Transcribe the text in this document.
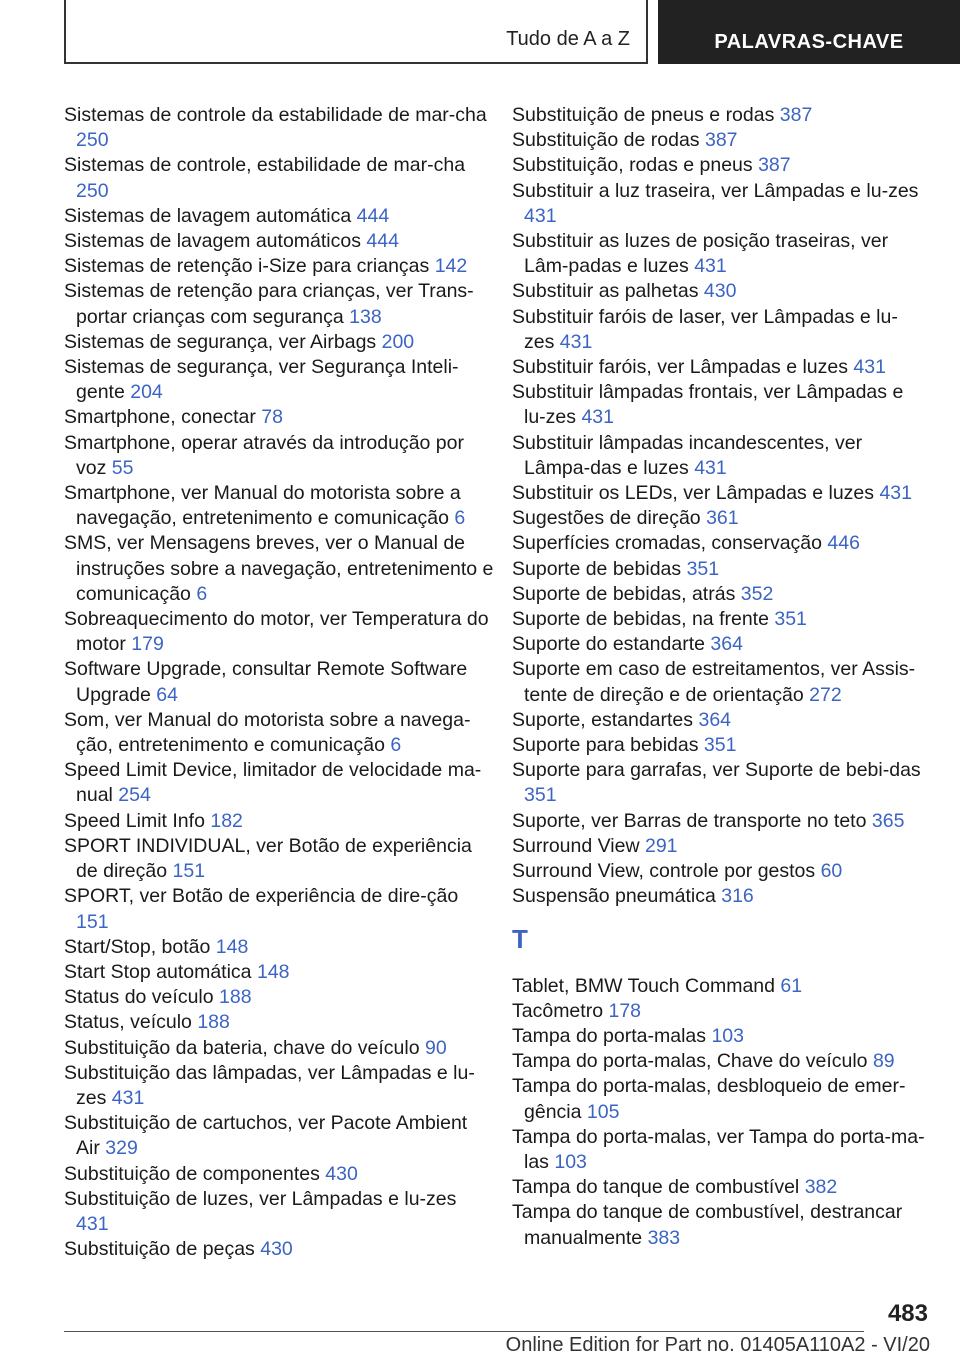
Tudo de A a Z	PALAVRAS-CHAVE
Sistemas de controle da estabilidade de mar-cha 250
Sistemas de controle, estabilidade de mar-cha 250
Sistemas de lavagem automática 444
Sistemas de lavagem automáticos 444
Sistemas de retenção i-Size para crianças 142
Sistemas de retenção para crianças, ver Trans-portar crianças com segurança 138
Sistemas de segurança, ver Airbags 200
Sistemas de segurança, ver Segurança Inteli-gente 204
Smartphone, conectar 78
Smartphone, operar através da introdução por voz 55
Smartphone, ver Manual do motorista sobre a navegação, entretenimento e comunicação 6
SMS, ver Mensagens breves, ver o Manual de instruções sobre a navegação, entretenimento e comunicação 6
Sobreaquecimento do motor, ver Temperatura do motor 179
Software Upgrade, consultar Remote Software Upgrade 64
Som, ver Manual do motorista sobre a navega-ção, entretenimento e comunicação 6
Speed Limit Device, limitador de velocidade ma-nual 254
Speed Limit Info 182
SPORT INDIVIDUAL, ver Botão de experiência de direção 151
SPORT, ver Botão de experiência de dire-ção 151
Start/Stop, botão 148
Start Stop automática 148
Status do veículo 188
Status, veículo 188
Substituição da bateria, chave do veículo 90
Substituição das lâmpadas, ver Lâmpadas e lu-zes 431
Substituição de cartuchos, ver Pacote Ambient Air 329
Substituição de componentes 430
Substituição de luzes, ver Lâmpadas e lu-zes 431
Substituição de peças 430
Substituição de pneus e rodas 387
Substituição de rodas 387
Substituição, rodas e pneus 387
Substituir a luz traseira, ver Lâmpadas e lu-zes 431
Substituir as luzes de posição traseiras, ver Lâm-padas e luzes 431
Substituir as palhetas 430
Substituir faróis de laser, ver Lâmpadas e lu-zes 431
Substituir faróis, ver Lâmpadas e luzes 431
Substituir lâmpadas frontais, ver Lâmpadas e lu-zes 431
Substituir lâmpadas incandescentes, ver Lâmpa-das e luzes 431
Substituir os LEDs, ver Lâmpadas e luzes 431
Sugestões de direção 361
Superfícies cromadas, conservação 446
Suporte de bebidas 351
Suporte de bebidas, atrás 352
Suporte de bebidas, na frente 351
Suporte do estandarte 364
Suporte em caso de estreitamentos, ver Assis-tente de direção e de orientação 272
Suporte, estandartes 364
Suporte para bebidas 351
Suporte para garrafas, ver Suporte de bebi-das 351
Suporte, ver Barras de transporte no teto 365
Surround View 291
Surround View, controle por gestos 60
Suspensão pneumática 316
T
Tablet, BMW Touch Command 61
Tacômetro 178
Tampa do porta-malas 103
Tampa do porta-malas, Chave do veículo 89
Tampa do porta-malas, desbloqueio de emer-gência 105
Tampa do porta-malas, ver Tampa do porta-ma-las 103
Tampa do tanque de combustível 382
Tampa do tanque de combustível, destrancar manualmente 383
483
Online Edition for Part no. 01405A110A2 - VI/20
